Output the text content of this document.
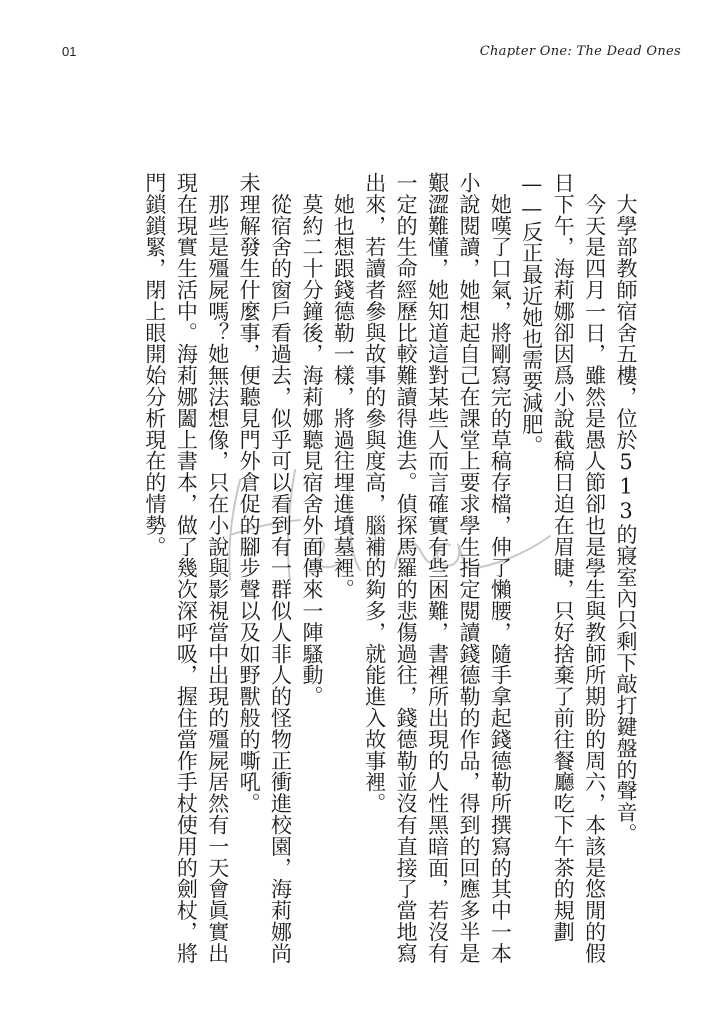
01	Chapter One: The Dead Ones

　大學部教師宿舍五樓，位於513的寢室內只剩下敲打鍵盤的聲音。

　今天是四月一日，雖然是愚人節卻也是學生與教師所期盼的周六，本該是悠閒的假日下午，海莉娜卻因爲小說截稿日迫在眉睫，只好捨棄了前往餐廳吃下午茶的規劃——反正最近她也需要減肥。

　她嘆了口氣，將剛寫完的草稿存檔，伸了懶腰，隨手拿起錢德勒所撰寫的其中一本小說閱讀，她想起自己在課堂上要求學生指定閱讀錢德勒的作品，得到的回應多半是艱澀難懂，她知道這對某些人而言確實有些困難，書裡所出現的人性黑暗面，若沒有一定的生命經歷比較難讀得進去。偵探馬羅的悲傷過往，錢德勒並沒有直接了當地寫出來，若讀者參與故事的參與度高，腦補的夠多，就能進入故事裡。

　她也想跟錢德勒一樣，將過往埋進墳墓裡。

　莫約二十分鐘後，海莉娜聽見宿舍外面傳來一陣騷動。

　從宿舍的窗戶看過去，似乎可以看到有一群似人非人的怪物正衝進校園，海莉娜尚未理解發生什麼事，便聽見門外倉促的腳步聲以及如野獸般的嘶吼。

　那些是殭屍嗎？她無法想像，只在小說與影視當中出現的殭屍居然有一天會眞實出現在現實生活中。海莉娜闔上書本，做了幾次深呼吸，握住當作手杖使用的劍杖，將門鎖鎖緊，閉上眼開始分析現在的情勢。
